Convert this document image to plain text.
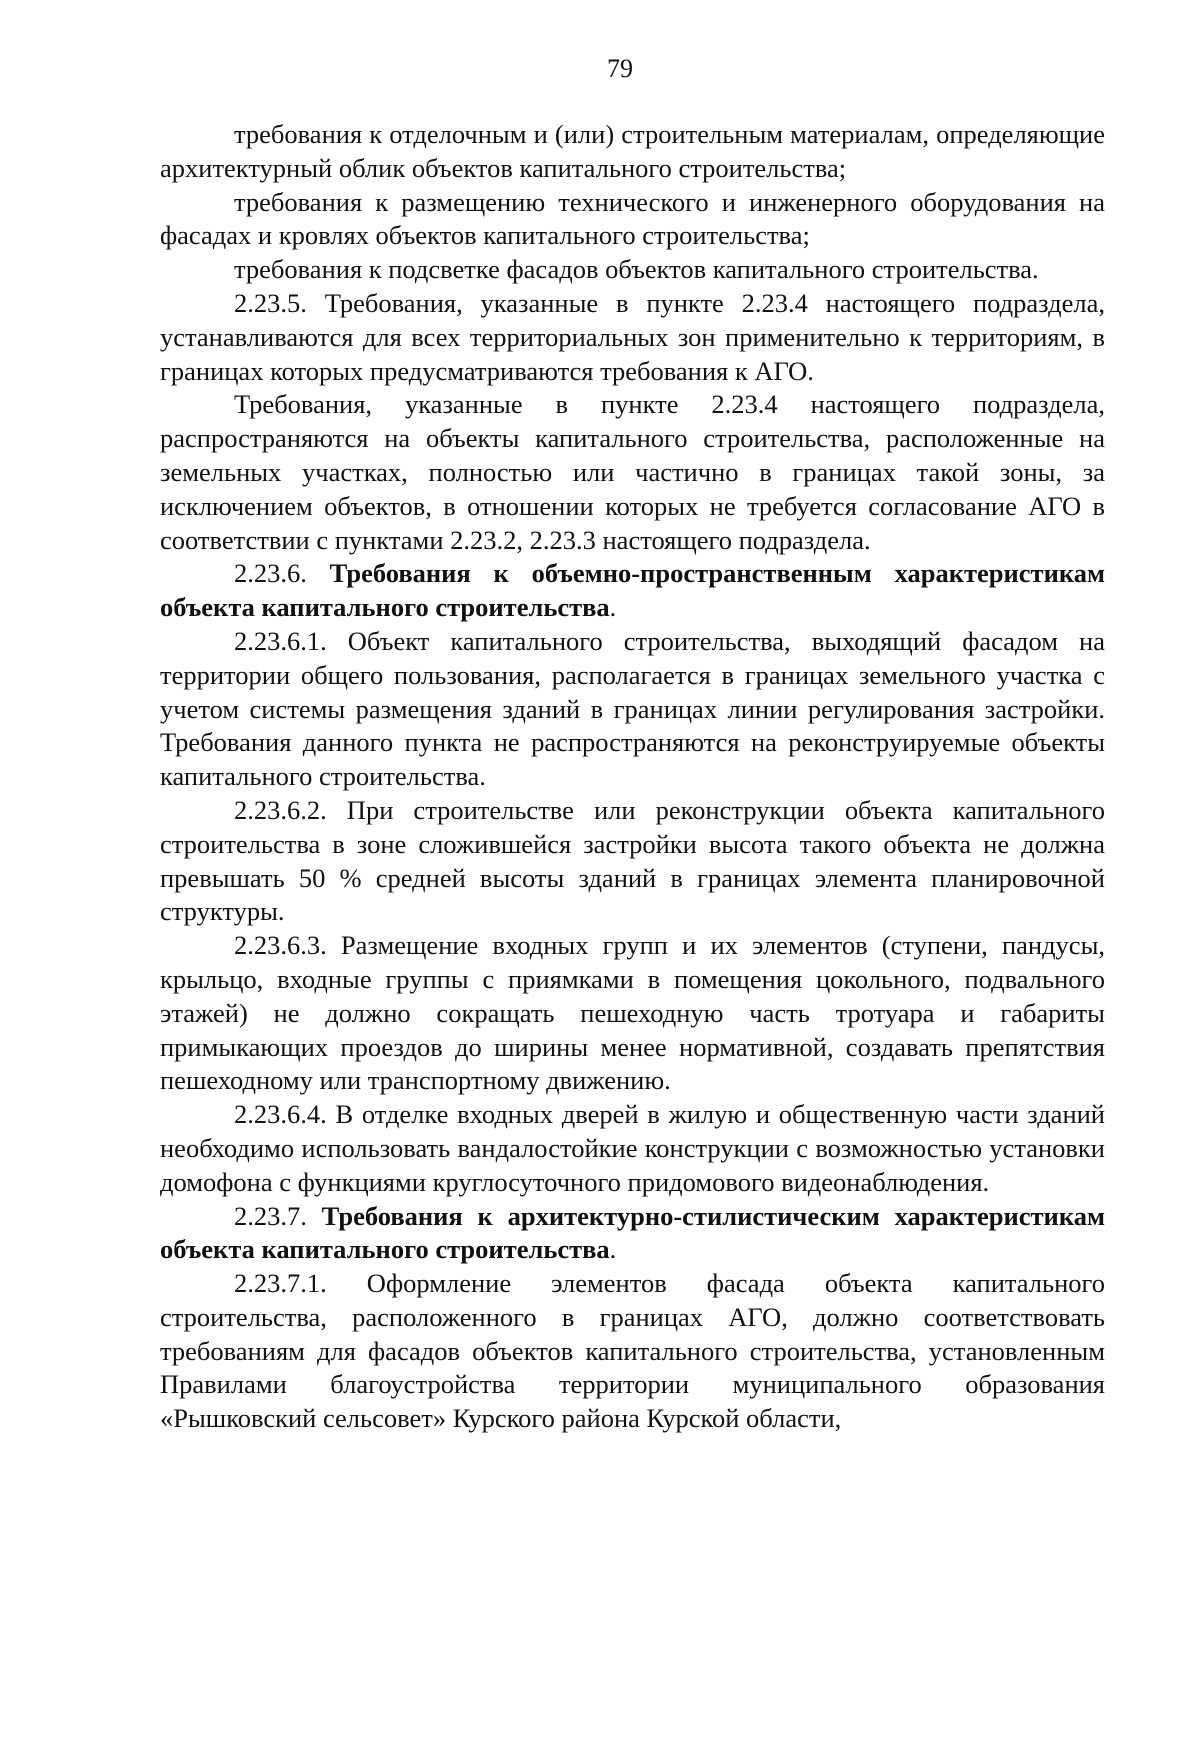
79

требования к отделочным и (или) строительным материалам, определяющие архитектурный облик объектов капитального строительства;

требования к размещению технического и инженерного оборудования на фасадах и кровлях объектов капитального строительства;

требования к подсветке фасадов объектов капитального строительства.

2.23.5. Требования, указанные в пункте 2.23.4 настоящего подраздела, устанавливаются для всех территориальных зон применительно к территориям, в границах которых предусматриваются требования к АГО.

Требования, указанные в пункте 2.23.4 настоящего подраздела, распространяются на объекты капитального строительства, расположенные на земельных участках, полностью или частично в границах такой зоны, за исключением объектов, в отношении которых не требуется согласование АГО в соответствии с пунктами 2.23.2, 2.23.3 настоящего подраздела.

2.23.6. Требования к объемно-пространственным характеристикам объекта капитального строительства.

2.23.6.1. Объект капитального строительства, выходящий фасадом на территории общего пользования, располагается в границах земельного участка с учетом системы размещения зданий в границах линии регулирования застройки. Требования данного пункта не распространяются на реконструируемые объекты капитального строительства.

2.23.6.2. При строительстве или реконструкции объекта капитального строительства в зоне сложившейся застройки высота такого объекта не должна превышать 50 % средней высоты зданий в границах элемента планировочной структуры.

2.23.6.3. Размещение входных групп и их элементов (ступени, пандусы, крыльцо, входные группы с приямками в помещения цокольного, подвального этажей) не должно сокращать пешеходную часть тротуара и габариты примыкающих проездов до ширины менее нормативной, создавать препятствия пешеходному или транспортному движению.

2.23.6.4. В отделке входных дверей в жилую и общественную части зданий необходимо использовать вандалостойкие конструкции с возможностью установки домофона с функциями круглосуточного придомового видеонаблюдения.

2.23.7. Требования к архитектурно-стилистическим характеристикам объекта капитального строительства.

2.23.7.1. Оформление элементов фасада объекта капитального строительства, расположенного в границах АГО, должно соответствовать требованиям для фасадов объектов капитального строительства, установленным Правилами благоустройства территории муниципального образования «Рышковский сельсовет» Курского района Курской области,
